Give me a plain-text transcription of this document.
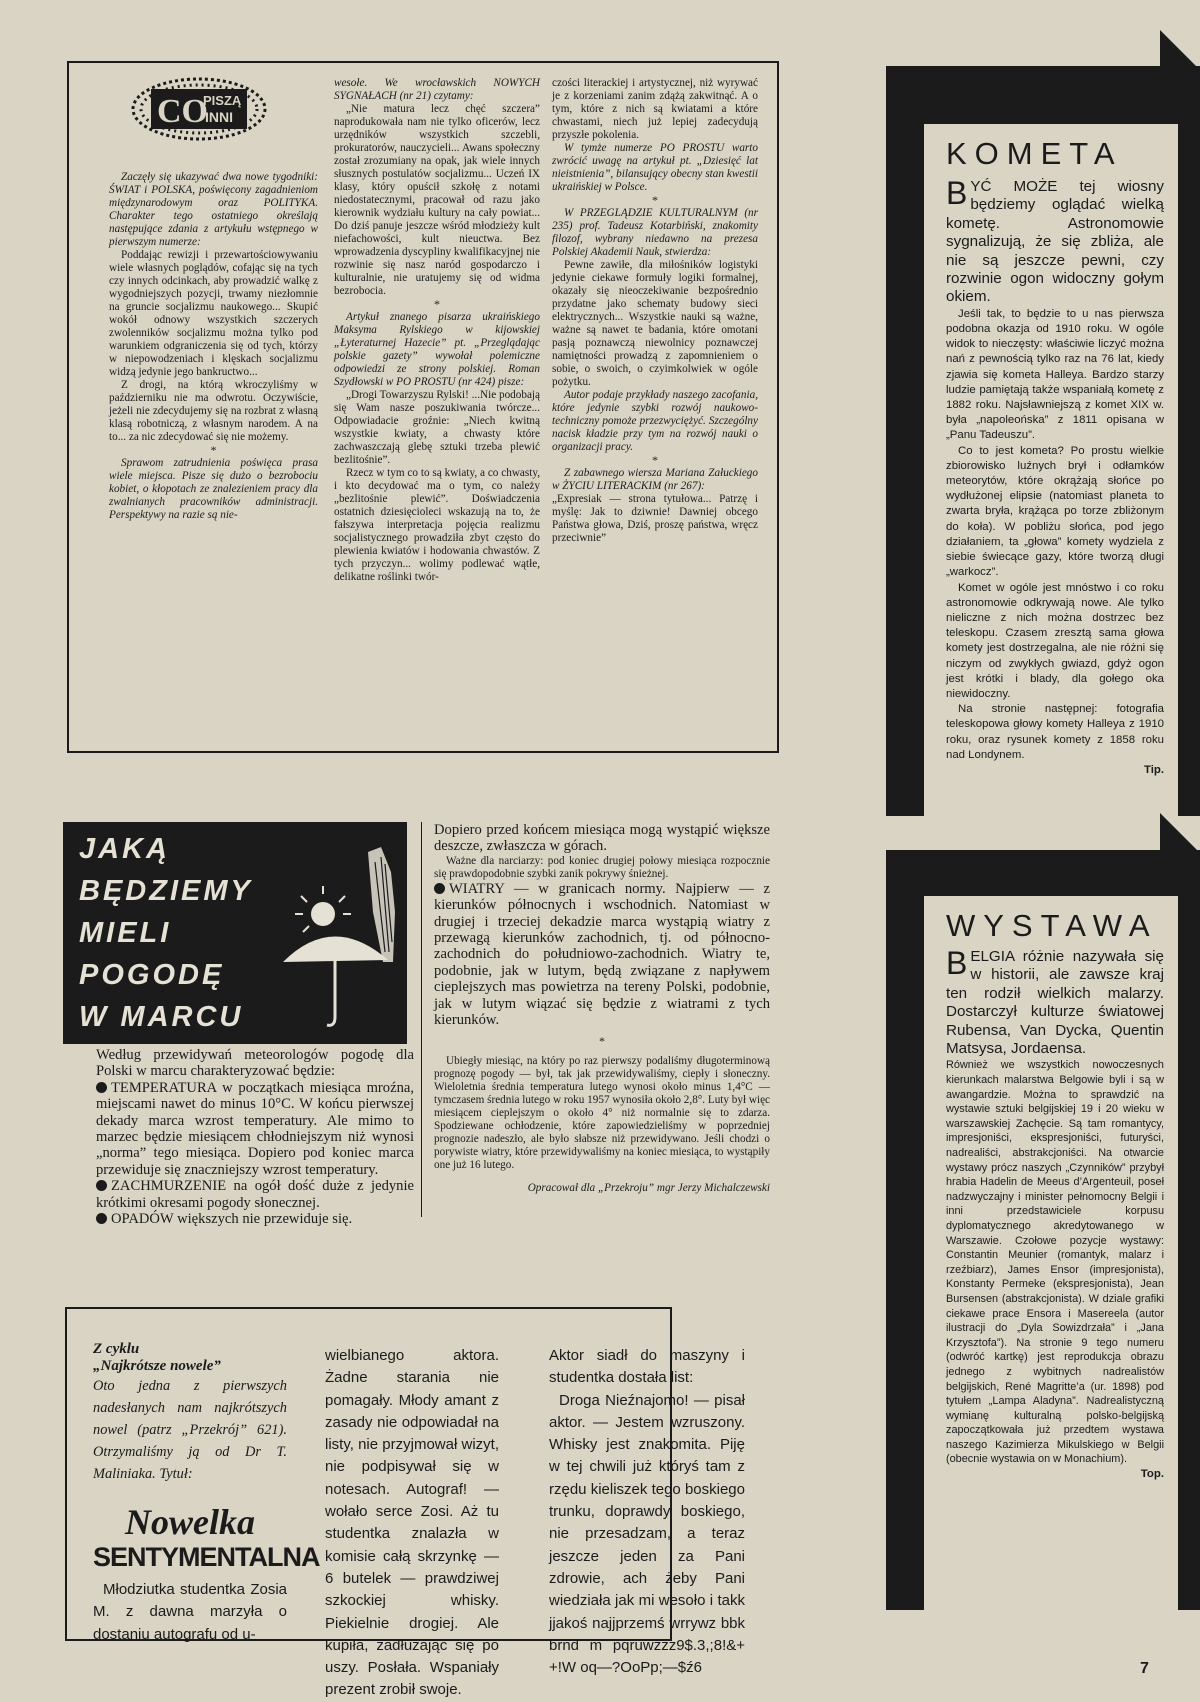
CO
PISZĄ
INNI

Zaczęły się ukazywać dwa nowe tygodniki: ŚWIAT i POLSKA, poświęcony zagadnieniom międzynarodowym oraz POLITYKA. Charakter tego ostatniego określają następujące zdania z artykułu wstępnego w pierwszym numerze:

Poddając rewizji i przewartościowywaniu wiele własnych poglądów, cofając się na tych czy innych odcinkach, aby prowadzić walkę z wygodniejszych pozycji, trwamy niezłomnie na gruncie socjalizmu naukowego... Skupić wokół odnowy wszystkich szczerych zwolenników socjalizmu można tylko pod warunkiem odgraniczenia się od tych, którzy w niepowodzeniach i klęskach socjalizmu widzą jedynie jego bankructwo...

Z drogi, na którą wkroczyliśmy w październiku nie ma odwrotu. Oczywiście, jeżeli nie zdecydujemy się na rozbrat z własną klasą robotniczą, z własnym narodem. A na to... za nic zdecydować się nie możemy.

*

Sprawom zatrudnienia poświęca prasa wiele miejsca. Pisze się dużo o bezrobociu kobiet, o kłopotach ze znalezieniem pracy dla zwalnianych pracowników administracji. Perspektywy na razie są nie-

wesołe. We wrocławskich NOWYCH SYGNAŁACH (nr 21) czytamy:

„Nie matura lecz chęć szczera” naprodukowała nam nie tylko oficerów, lecz urzędników wszystkich szczebli, prokuratorów, nauczycieli... Awans społeczny został zrozumiany na opak, jak wiele innych słusznych postulatów socjalizmu... Uczeń IX klasy, który opuścił szkołę z notami niedostatecznymi, pracował od razu jako kierownik wydziału kultury na cały powiat... Do dziś panuje jeszcze wśród młodzieży kult niefachowości, kult nieuctwa. Bez wprowadzenia dyscypliny kwalifikacyjnej nie rozwinie się nasz naród gospodarczo i kulturalnie, nie uratujemy się od widma bezrobocia.

*

Artykuł znanego pisarza ukraińskiego Maksyma Rylskiego w kijowskiej „Łyteraturnej Hazecie” pt. „Przeglądając polskie gazety” wywołał polemiczne odpowiedzi ze strony polskiej. Roman Szydłowski w PO PROSTU (nr 424) pisze:

„Drogi Towarzyszu Rylski! ...Nie podobają się Wam nasze poszukiwania twórcze... Odpowiadacie groźnie: „Niech kwitną wszystkie kwiaty, a chwasty które zachwaszczają glebę sztuki trzeba plewić bezlitośnie”.

Rzecz w tym co to są kwiaty, a co chwasty, i kto decydować ma o tym, co należy „bezlitośnie plewić”. Doświadczenia ostatnich dziesięcioleci wskazują na to, że fałszywa interpretacja pojęcia realizmu socjalistycznego prowadziła zbyt często do plewienia kwiatów i hodowania chwastów. Z tych przyczyn... wolimy podlewać wątłe, delikatne roślinki twór-

czości literackiej i artystycznej, niż wyrywać je z korzeniami zanim zdążą zakwitnąć. A o tym, które z nich są kwiatami a które chwastami, niech już lepiej zadecydują przyszłe pokolenia.

W tymże numerze PO PROSTU warto zwrócić uwagę na artykuł pt. „Dziesięć lat nieistnienia”, bilansujący obecny stan kwestii ukraińskiej w Polsce.

*

W PRZEGLĄDZIE KULTURALNYM (nr 235) prof. Tadeusz Kotarbiński, znakomity filozof, wybrany niedawno na prezesa Polskiej Akademii Nauk, stwierdza:

Pewne zawiłe, dla miłośników logistyki jedynie ciekawe formuły logiki formalnej, okazały się nieoczekiwanie bezpośrednio przydatne jako schematy budowy sieci elektrycznych... Wszystkie nauki są ważne, ważne są nawet te badania, które omotani pasją poznawczą niewolnicy poznawczej namiętności prowadzą z zapomnieniem o sobie, o swoich, o czyimkolwiek w ogóle pożytku.

Autor podaje przykłady naszego zacofania, które jedynie szybki rozwój naukowo-techniczny pomoże przezwyciężyć. Szczególny nacisk kładzie przy tym na rozwój nauki o organizacji pracy.

*

Z zabawnego wiersza Mariana Załuckiego w ŻYCIU LITERACKIM (nr 267):

„Expresiak — strona tytułowa... Patrzę i myślę: Jak to dziwnie! Dawniej obcego Państwa głowa, Dziś, proszę państwa, wręcz przeciwnie”

KOMETA

BYĆ MOŻE tej wiosny będziemy oglądać wielką kometę. Astronomowie sygnalizują, że się zbliża, ale nie są jeszcze pewni, czy rozwinie ogon widoczny gołym okiem.

Jeśli tak, to będzie to u nas pierwsza podobna okazja od 1910 roku. W ogóle widok to nieczęsty: właściwie liczyć można nań z pewnością tylko raz na 76 lat, kiedy zjawia się kometa Halleya. Bardzo starzy ludzie pamiętają także wspaniałą kometę z 1882 roku. Najsławniejszą z komet XIX w. była „napoleońska” z 1811 opisana w „Panu Tadeuszu”.

Co to jest kometa? Po prostu wielkie zbiorowisko luźnych brył i odłamków meteorytów, które okrążają słońce po wydłużonej elipsie (natomiast planeta to zwarta bryła, krążąca po torze zbliżonym do koła). W pobliżu słońca, pod jego działaniem, ta „głowa” komety wydziela z siebie świecące gazy, które tworzą długi „warkocz”.

Komet w ogóle jest mnóstwo i co roku astronomowie odkrywają nowe. Ale tylko nieliczne z nich można dostrzec bez teleskopu. Czasem zresztą sama głowa komety jest dostrzegalna, ale nie różni się niczym od zwykłych gwiazd, gdyż ogon jest krótki i blady, dla gołego oka niewidoczny.

Na stronie następnej: fotografia teleskopowa głowy komety Halleya z 1910 roku, oraz rysunek komety z 1858 roku nad Londynem.

Tip.

WYSTAWA

BELGIA różnie nazywała się w historii, ale zawsze kraj ten rodził wielkich malarzy. Dostarczył kulturze światowej Rubensa, Van Dycka, Quentin Matsysa, Jordaensa.

Również we wszystkich nowoczesnych kierunkach malarstwa Belgowie byli i są w awangardzie. Można to sprawdzić na wystawie sztuki belgijskiej 19 i 20 wieku w warszawskiej Zachęcie. Są tam romantycy, impresjoniści, ekspresjoniści, futuryści, nadrealiści, abstrakcjoniści. Na otwarcie wystawy prócz naszych „Czynników” przybył hrabia Hadelin de Meeus d’Argenteuil, poseł nadzwyczajny i minister pełnomocny Belgii i inni przedstawiciele korpusu dyplomatycznego akredytowanego w Warszawie. Czołowe pozycje wystawy: Constantin Meunier (romantyk, malarz i rzeźbiarz), James Ensor (impresjonista), Konstanty Permeke (ekspresjonista), Jean Bursensen (abstrakcjonista). W dziale grafiki ciekawe prace Ensora i Masereela (autor ilustracji do „Dyla Sowizdrzała” i „Jana Krzysztofa”). Na stronie 9 tego numeru (odwróć kartkę) jest reprodukcja obrazu jednego z wybitnych nadrealistów belgijskich, René Magritte’a (ur. 1898) pod tytułem „Lampa Aladyna”. Nadrealistyczną wymianę kulturalną polsko-belgijską zapoczątkowała już przedtem wystawa naszego Kazimierza Mikulskiego w Belgii (obecnie wystawia on w Monachium).

Top.

JAKĄ
BĘDZIEMY
MIELI
POGODĘ
W MARCU

Według przewidywań meteorologów pogodę dla Polski w marcu charakteryzować będzie:

TEMPERATURA w początkach miesiąca mroźna, miejscami nawet do minus 10°C. W końcu pierwszej dekady marca wzrost temperatury. Ale mimo to marzec będzie miesiącem chłodniejszym niż wynosi „norma” tego miesiąca. Dopiero pod koniec marca przewiduje się znaczniejszy wzrost temperatury.

ZACHMURZENIE na ogół dość duże z jedynie krótkimi okresami pogody słonecznej.

OPADÓW większych nie przewiduje się.

Dopiero przed końcem miesiąca mogą wystąpić większe deszcze, zwłaszcza w górach.

Ważne dla narciarzy: pod koniec drugiej połowy miesiąca rozpocznie się prawdopodobnie szybki zanik pokrywy śnieżnej.

WIATRY — w granicach normy. Najpierw — z kierunków północnych i wschodnich. Natomiast w drugiej i trzeciej dekadzie marca wystąpią wiatry z przewagą kierunków zachodnich, tj. od północno-zachodnich do południowo-zachodnich. Wiatry te, podobnie, jak w lutym, będą związane z napływem cieplejszych mas powietrza na tereny Polski, podobnie, jak w lutym wiązać się będzie z wiatrami z tych kierunków.

*

Ubiegły miesiąc, na który po raz pierwszy podaliśmy długoterminową prognozę pogody — był, tak jak przewidywaliśmy, ciepły i słoneczny. Wieloletnia średnia temperatura lutego wynosi około minus 1,4°C — tymczasem średnia lutego w roku 1957 wynosiła około 2,8°. Luty był więc miesiącem cieplejszym o około 4° niż normalnie się to zdarza. Spodziewane ochłodzenie, które zapowiedzieliśmy w poprzedniej prognozie nadeszło, ale było słabsze niż przewidywano. Jeśli chodzi o porywiste wiatry, które przewidywaliśmy na koniec miesiąca, to wystąpiły one już 16 lutego.

Opracował dla „Przekroju” mgr Jerzy Michalczewski

Z cyklu
„Najkrótsze nowele”
Oto jedna z pierwszych nadesłanych nam najkrótszych nowel (patrz „Przekrój” 621). Otrzymaliśmy ją od Dr T. Maliniaka. Tytuł:
Nowelka
SENTYMENTALNA

Młodziutka studentka Zosia M. z dawna marzyła o dostaniu autografu od u-

wielbianego aktora. Żadne starania nie pomagały. Młody amant z zasady nie odpowiadał na listy, nie przyjmował wizyt, nie podpisywał się w notesach. Autograf! — wołało serce Zosi. Aż tu studentka znalazła w komisie całą skrzynkę — 6 butelek — prawdziwej szkockiej whisky. Piekielnie drogiej. Ale kupiła, zadłużając się po uszy. Posłała. Wspaniały prezent zrobił swoje.

Aktor siadł do maszyny i studentka dostała list:

Droga Nieźnajomo! — pisał aktor. — Jestem wzruszony. Whisky jest znakomita. Piję w tej chwili już któryś tam z rzędu kieliszek tego boskiego trunku, doprawdy boskiego, nie przesadzam, a teraz jeszcze jeden za Pani zdrowie, ach żeby Pani wiedziała jak mi wesoło i takk jjakoś najjprzemś wrrywz bbk brnd m pqruwzzz9$.3,;8!&+ +!W oq—?OoPp;—$ź6	7
